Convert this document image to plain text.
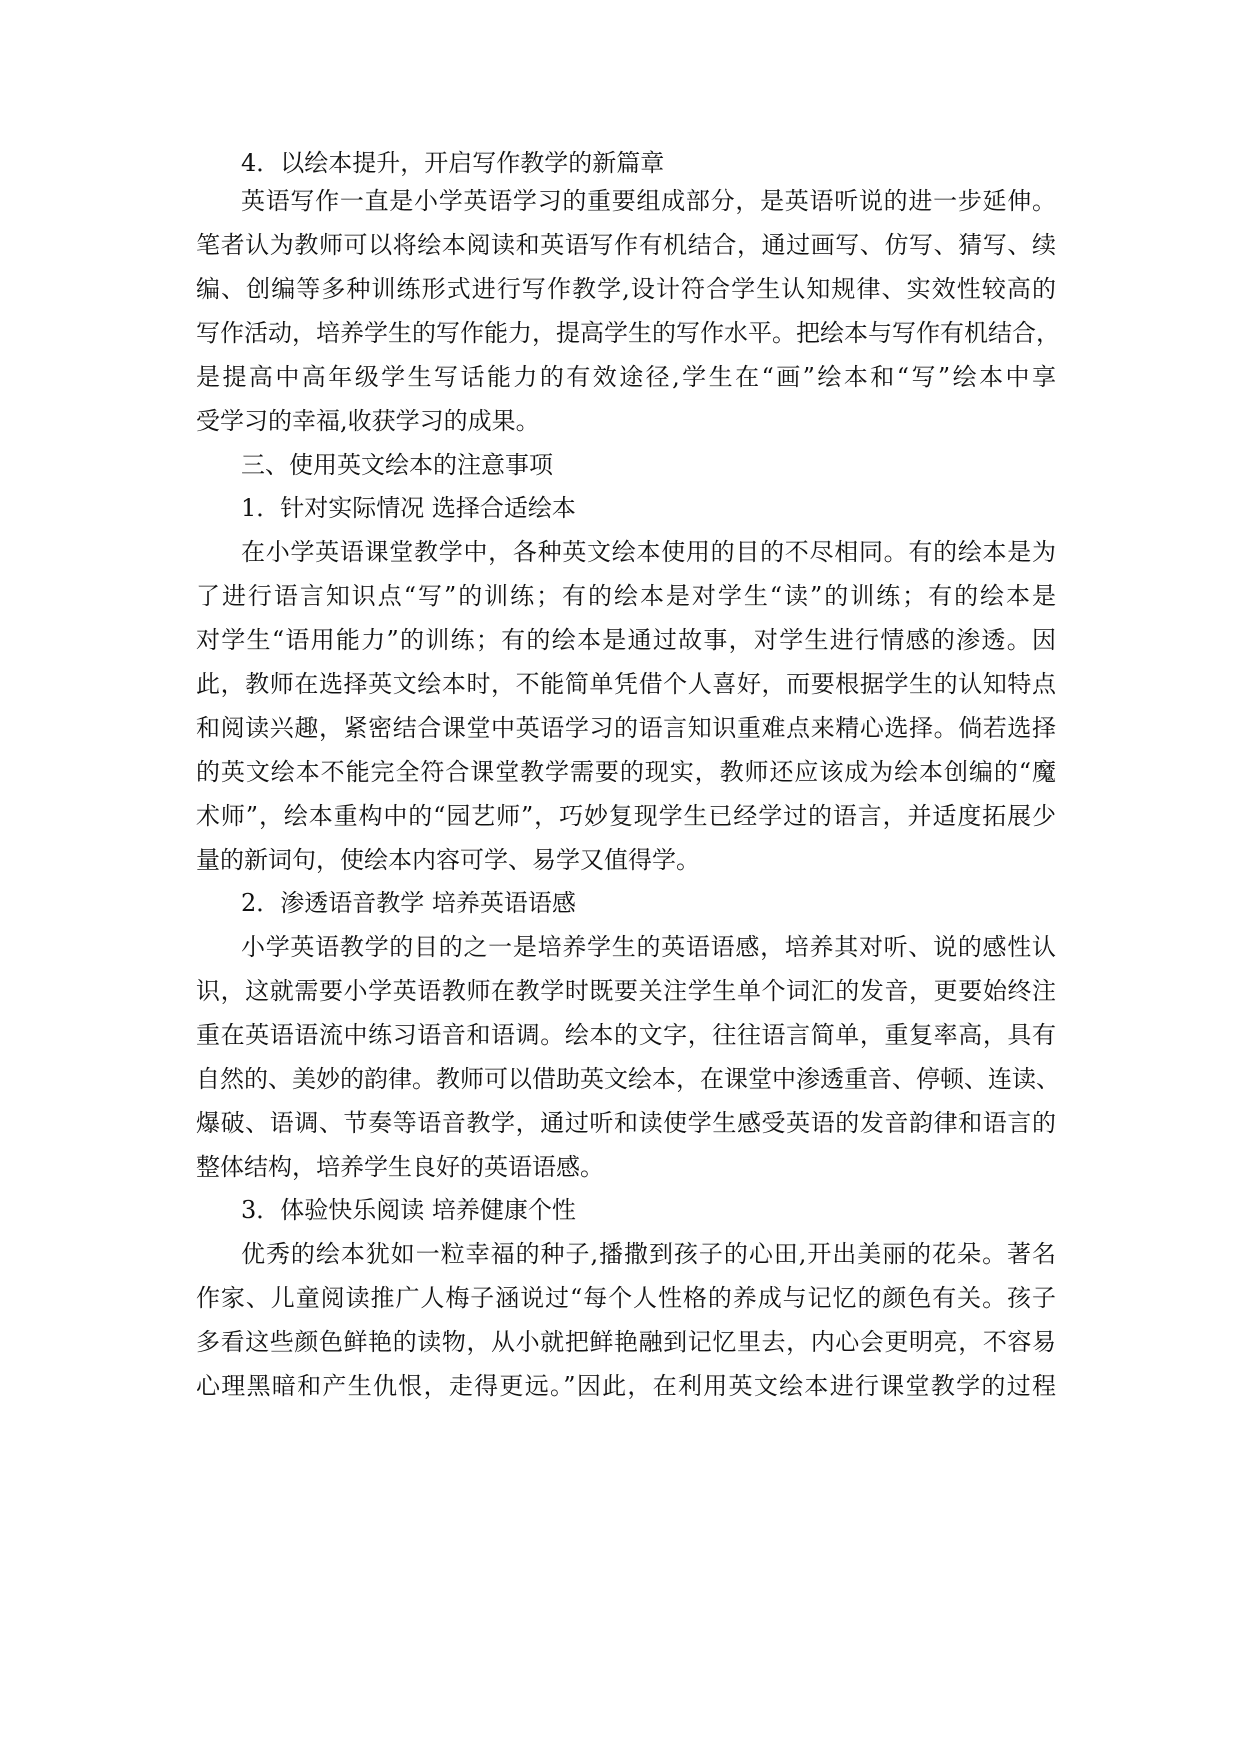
4．以绘本提升，开启写作教学的新篇章
英语写作一直是小学英语学习的重要组成部分，是英语听说的进一步延伸。
笔者认为教师可以将绘本阅读和英语写作有机结合，通过画写、仿写、猜写、续
编、创编等多种训练形式进行写作教学,设计符合学生认知规律、实效性较高的
写作活动，培养学生的写作能力，提高学生的写作水平。把绘本与写作有机结合，
是提高中高年级学生写话能力的有效途径,学生在“画”绘本和“写”绘本中享
受学习的幸福,收获学习的成果。
三、使用英文绘本的注意事项
1．针对实际情况 选择合适绘本
在小学英语课堂教学中，各种英文绘本使用的目的不尽相同。有的绘本是为
了进行语言知识点“写”的训练；有的绘本是对学生“读”的训练；有的绘本是
对学生“语用能力”的训练；有的绘本是通过故事，对学生进行情感的渗透。因
此，教师在选择英文绘本时，不能简单凭借个人喜好，而要根据学生的认知特点
和阅读兴趣，紧密结合课堂中英语学习的语言知识重难点来精心选择。倘若选择
的英文绘本不能完全符合课堂教学需要的现实，教师还应该成为绘本创编的“魔
术师”，绘本重构中的“园艺师”，巧妙复现学生已经学过的语言，并适度拓展少
量的新词句，使绘本内容可学、易学又值得学。
2．渗透语音教学 培养英语语感
小学英语教学的目的之一是培养学生的英语语感，培养其对听、说的感性认
识，这就需要小学英语教师在教学时既要关注学生单个词汇的发音，更要始终注
重在英语语流中练习语音和语调。绘本的文字，往往语言简单，重复率高，具有
自然的、美妙的韵律。教师可以借助英文绘本，在课堂中渗透重音、停顿、连读、
爆破、语调、节奏等语音教学，通过听和读使学生感受英语的发音韵律和语言的
整体结构，培养学生良好的英语语感。
3．体验快乐阅读 培养健康个性
优秀的绘本犹如一粒幸福的种子,播撒到孩子的心田,开出美丽的花朵。著名
作家、儿童阅读推广人梅子涵说过“每个人性格的养成与记忆的颜色有关。孩子
多看这些颜色鲜艳的读物，从小就把鲜艳融到记忆里去，内心会更明亮，不容易
心理黑暗和产生仇恨，走得更远。”因此，在利用英文绘本进行课堂教学的过程
